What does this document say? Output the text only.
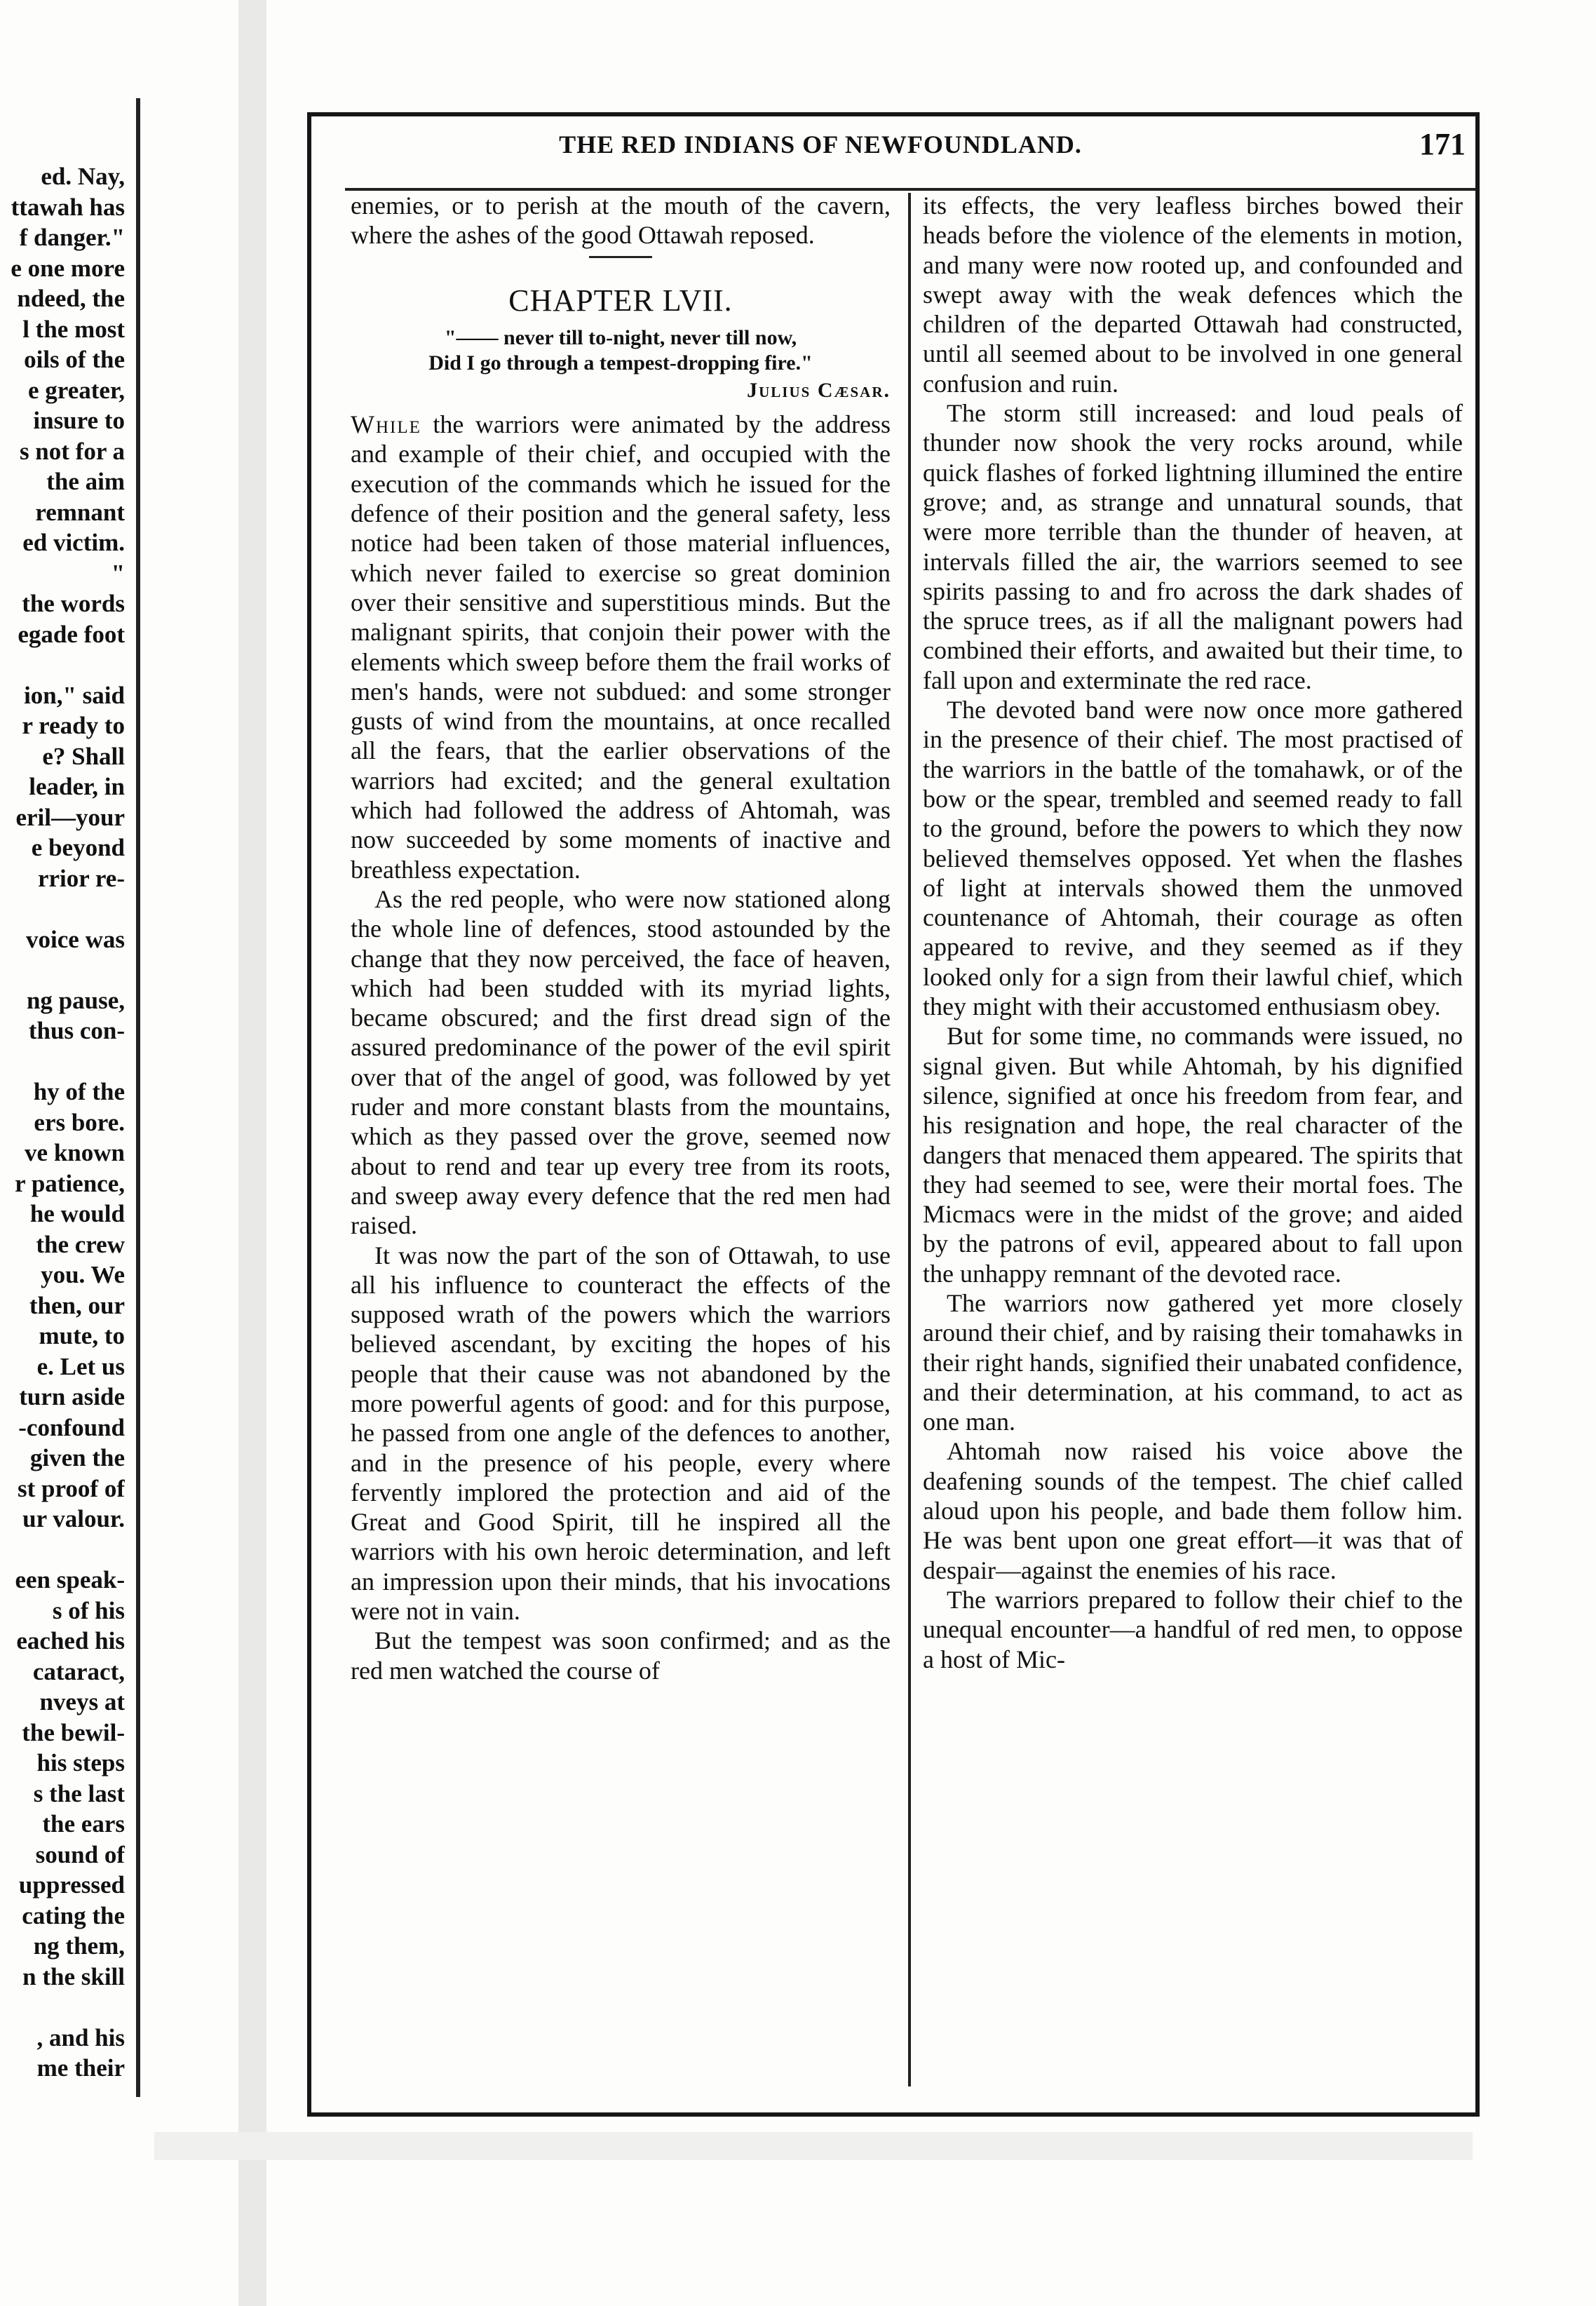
ed. Nay,
ttawah has
f danger."
e one more
ndeed, the
l the most
oils of the
e greater,
insure to
s not for a
the aim
remnant
ed victim.
"
the words
egade foot
ion," said
r ready to
e? Shall
leader, in
eril—your
e beyond
rrior re-
voice was
ng pause,
thus con-
hy of the
ers bore.
ve known
r patience,
he would
the crew
you. We
then, our
mute, to
e. Let us
turn aside
-confound
given the
st proof of
ur valour.
een speak-
s of his
eached his
cataract,
nveys at
the bewil-
his steps
s the last
the ears
sound of
uppressed
cating the
ng them,
n the skill
, and his
me their
THE RED INDIANS OF NEWFOUNDLAND.	171

enemies, or to perish at the mouth of the cavern, where the ashes of the good Ottawah reposed.

CHAPTER LVII.
"—— never till to-night, never till now,
Did I go through a tempest-dropping fire."
Julius Cæsar.

While the warriors were animated by the address and example of their chief, and occupied with the execution of the commands which he issued for the defence of their position and the general safety, less notice had been taken of those material influences, which never failed to exercise so great dominion over their sensitive and superstitious minds. But the malignant spirits, that conjoin their power with the elements which sweep before them the frail works of men's hands, were not subdued: and some stronger gusts of wind from the mountains, at once recalled all the fears, that the earlier observations of the warriors had excited; and the general exultation which had followed the address of Ahtomah, was now succeeded by some moments of inactive and breathless expectation.

As the red people, who were now stationed along the whole line of defences, stood astounded by the change that they now perceived, the face of heaven, which had been studded with its myriad lights, became obscured; and the first dread sign of the assured predominance of the power of the evil spirit over that of the angel of good, was followed by yet ruder and more constant blasts from the mountains, which as they passed over the grove, seemed now about to rend and tear up every tree from its roots, and sweep away every defence that the red men had raised.

It was now the part of the son of Ottawah, to use all his influence to counteract the effects of the supposed wrath of the powers which the warriors believed ascendant, by exciting the hopes of his people that their cause was not abandoned by the more powerful agents of good: and for this purpose, he passed from one angle of the defences to another, and in the presence of his people, every where fervently implored the protection and aid of the Great and Good Spirit, till he inspired all the warriors with his own heroic determination, and left an impression upon their minds, that his invocations were not in vain.

But the tempest was soon confirmed; and as the red men watched the course of

its effects, the very leafless birches bowed their heads before the violence of the elements in motion, and many were now rooted up, and confounded and swept away with the weak defences which the children of the departed Ottawah had constructed, until all seemed about to be involved in one general confusion and ruin.

The storm still increased: and loud peals of thunder now shook the very rocks around, while quick flashes of forked lightning illumined the entire grove; and, as strange and unnatural sounds, that were more terrible than the thunder of heaven, at intervals filled the air, the warriors seemed to see spirits passing to and fro across the dark shades of the spruce trees, as if all the malignant powers had combined their efforts, and awaited but their time, to fall upon and exterminate the red race.

The devoted band were now once more gathered in the presence of their chief. The most practised of the warriors in the battle of the tomahawk, or of the bow or the spear, trembled and seemed ready to fall to the ground, before the powers to which they now believed themselves opposed. Yet when the flashes of light at intervals showed them the unmoved countenance of Ahtomah, their courage as often appeared to revive, and they seemed as if they looked only for a sign from their lawful chief, which they might with their accustomed enthusiasm obey.

But for some time, no commands were issued, no signal given. But while Ahtomah, by his dignified silence, signified at once his freedom from fear, and his resignation and hope, the real character of the dangers that menaced them appeared. The spirits that they had seemed to see, were their mortal foes. The Micmacs were in the midst of the grove; and aided by the patrons of evil, appeared about to fall upon the unhappy remnant of the devoted race.

The warriors now gathered yet more closely around their chief, and by raising their tomahawks in their right hands, signified their unabated confidence, and their determination, at his command, to act as one man.

Ahtomah now raised his voice above the deafening sounds of the tempest. The chief called aloud upon his people, and bade them follow him. He was bent upon one great effort—it was that of despair—against the enemies of his race.

The warriors prepared to follow their chief to the unequal encounter—a handful of red men, to oppose a host of Mic-
